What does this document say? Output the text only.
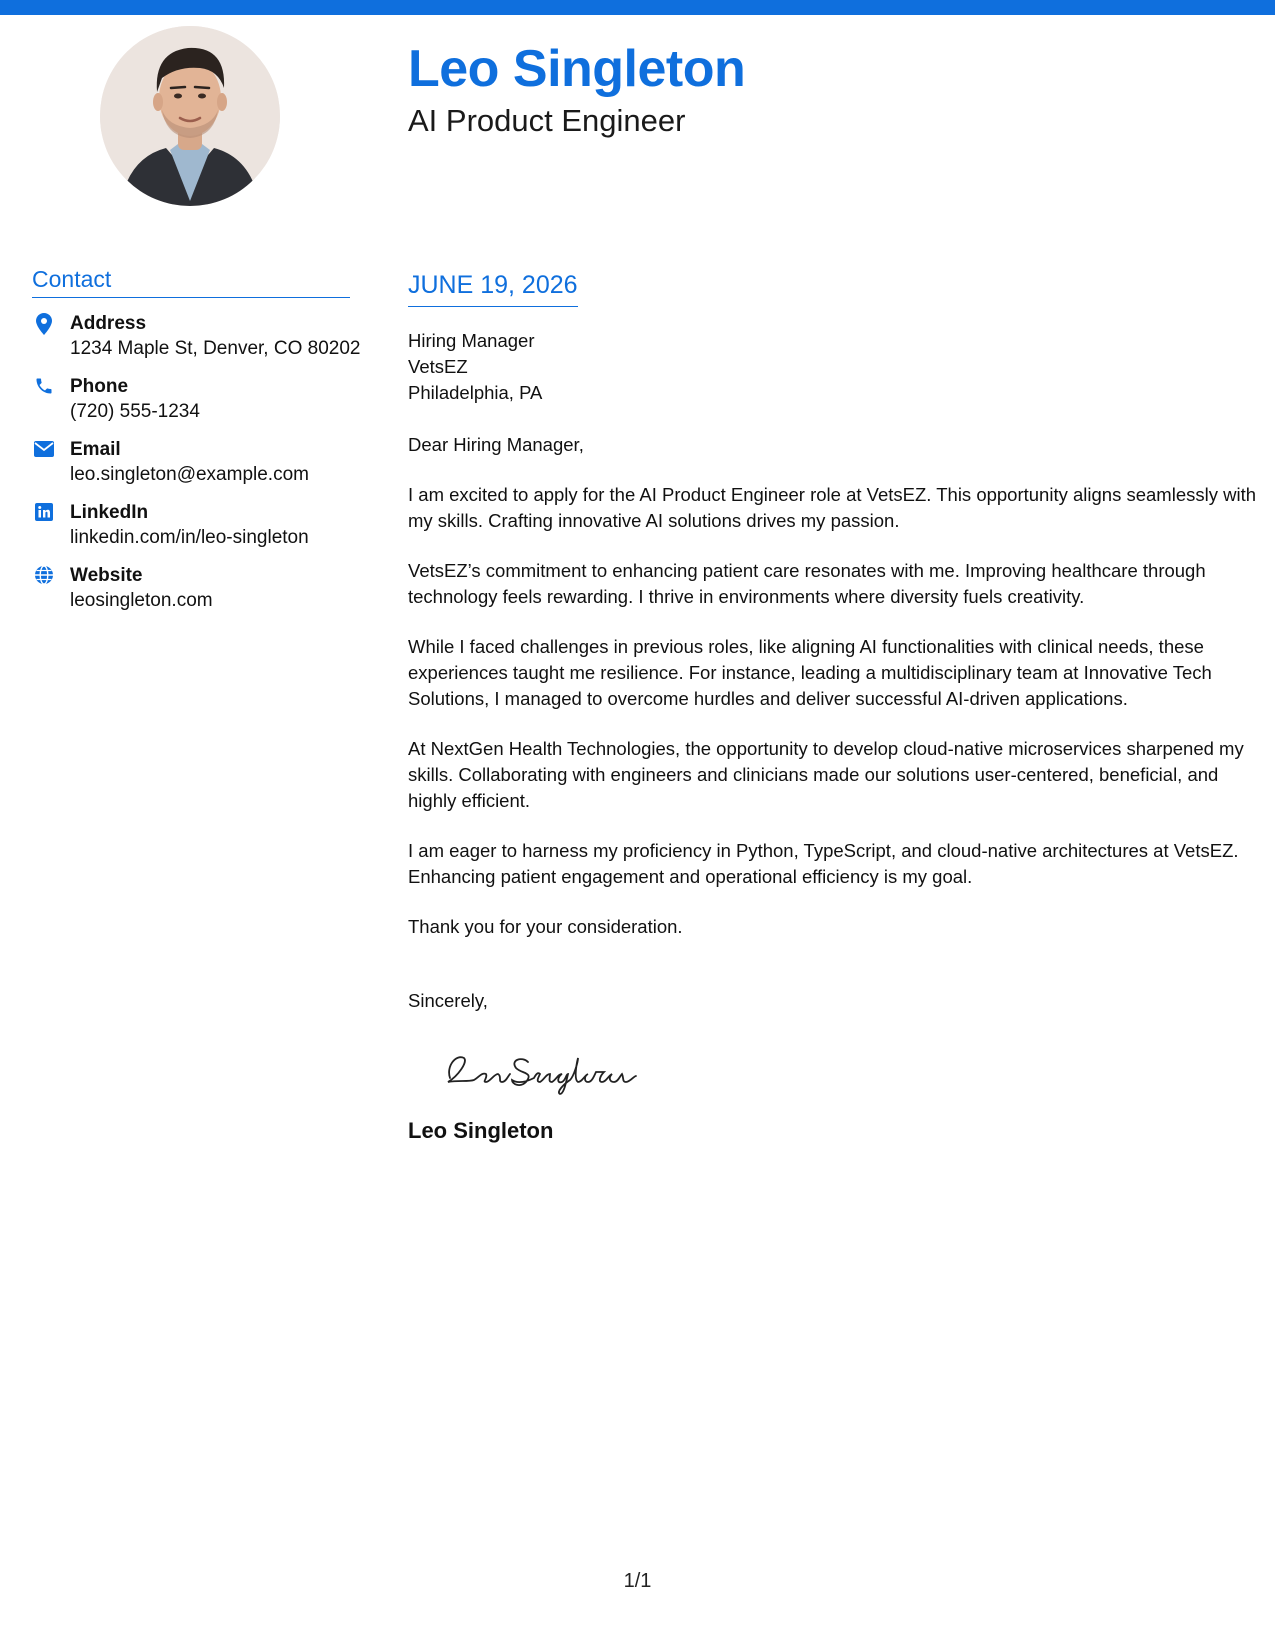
Leo Singleton
AI Product Engineer
Contact
Address
1234 Maple St, Denver, CO 80202
Phone
(720) 555-1234
Email
leo.singleton@example.com
LinkedIn
linkedin.com/in/leo-singleton
Website
leosingleton.com
JUNE 19, 2026
Hiring Manager
VetsEZ
Philadelphia, PA

Dear Hiring Manager,

I am excited to apply for the AI Product Engineer role at VetsEZ. This opportunity aligns seamlessly with my skills. Crafting innovative AI solutions drives my passion.

VetsEZ’s commitment to enhancing patient care resonates with me. Improving healthcare through technology feels rewarding. I thrive in environments where diversity fuels creativity.

While I faced challenges in previous roles, like aligning AI functionalities with clinical needs, these experiences taught me resilience. For instance, leading a multidisciplinary team at Innovative Tech Solutions, I managed to overcome hurdles and deliver successful AI-driven applications.

At NextGen Health Technologies, the opportunity to develop cloud-native microservices sharpened my skills. Collaborating with engineers and clinicians made our solutions user-centered, beneficial, and highly efficient.

I am eager to harness my proficiency in Python, TypeScript, and cloud-native architectures at VetsEZ. Enhancing patient engagement and operational efficiency is my goal.

Thank you for your consideration.

Sincerely,
Leo Singleton
1/1
